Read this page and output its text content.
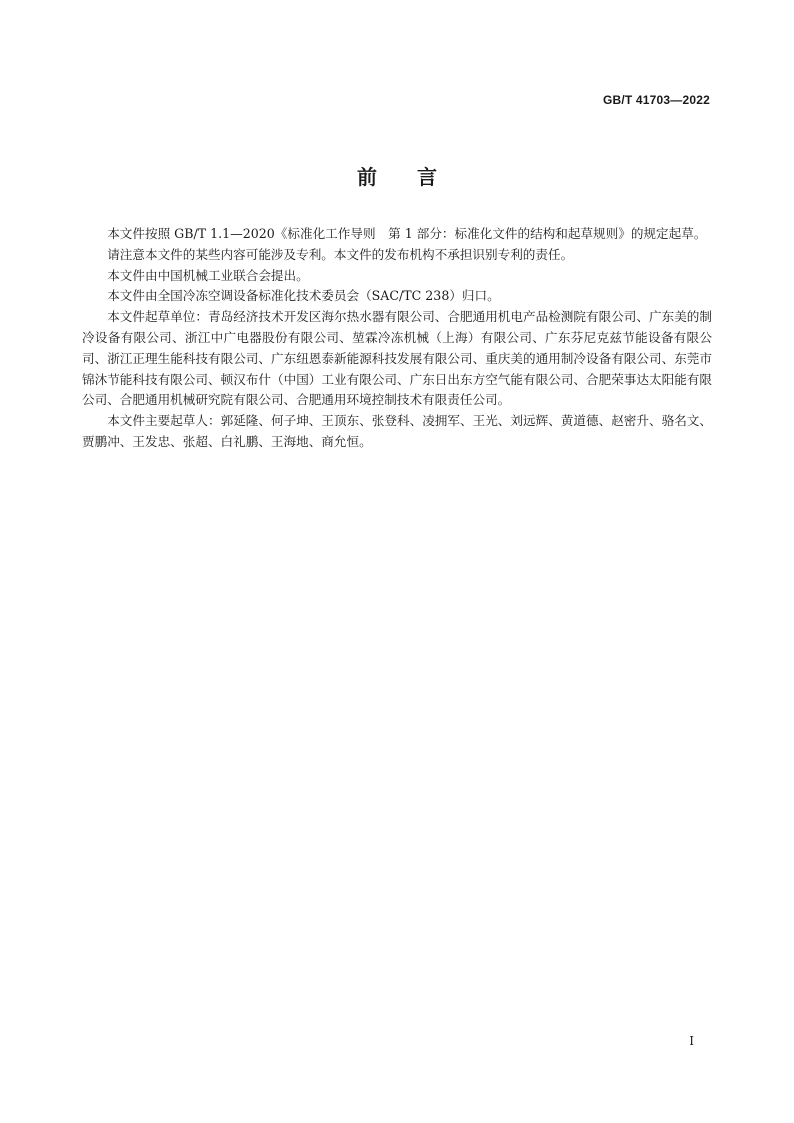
GB/T 41703—2022
前 言

本文件按照 GB/T 1.1—2020《标准化工作导则　第 1 部分：标准化文件的结构和起草规则》的规定起草。

请注意本文件的某些内容可能涉及专利。本文件的发布机构不承担识别专利的责任。

本文件由中国机械工业联合会提出。

本文件由全国冷冻空调设备标准化技术委员会（SAC/TC 238）归口。

本文件起草单位：青岛经济技术开发区海尔热水器有限公司、合肥通用机电产品检测院有限公司、广东美的制冷设备有限公司、浙江中广电器股份有限公司、堃霖冷冻机械（上海）有限公司、广东芬尼克兹节能设备有限公司、浙江正理生能科技有限公司、广东纽恩泰新能源科技发展有限公司、重庆美的通用制冷设备有限公司、东莞市锦沐节能科技有限公司、顿汉布什（中国）工业有限公司、广东日出东方空气能有限公司、合肥荣事达太阳能有限公司、合肥通用机械研究院有限公司、合肥通用环境控制技术有限责任公司。

本文件主要起草人：郭延隆、何子坤、王顶东、张登科、凌拥军、王光、刘远辉、黄道德、赵密升、骆名文、贾鹏冲、王发忠、张超、白礼鹏、王海地、商允恒。

I
